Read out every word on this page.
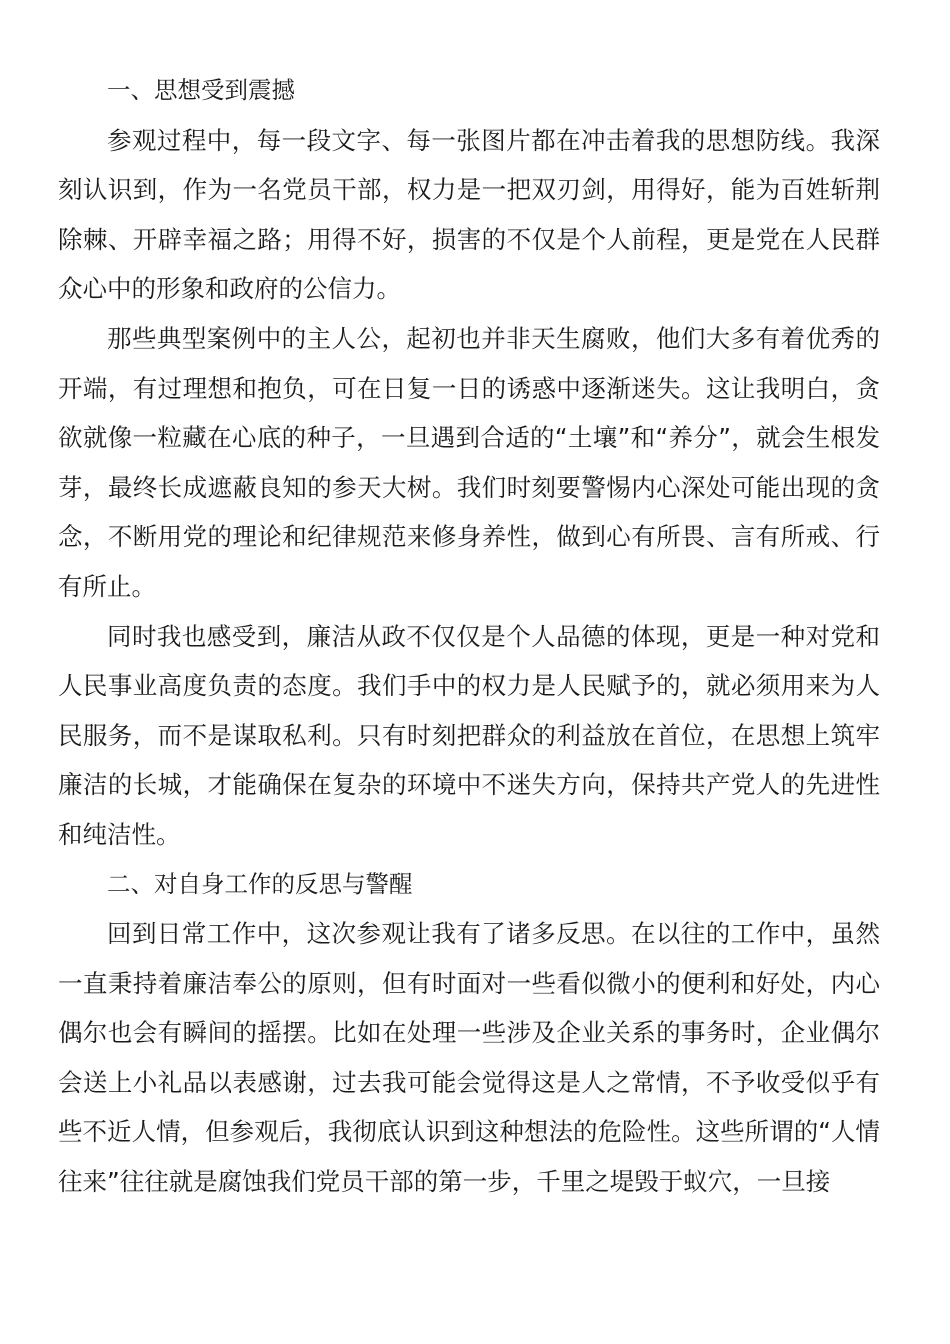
一、思想受到震撼

参观过程中，每一段文字、每一张图片都在冲击着我的思想防线。我深刻认识到，作为一名党员干部，权力是一把双刃剑，用得好，能为百姓斩荆除棘、开辟幸福之路；用得不好，损害的不仅是个人前程，更是党在人民群众心中的形象和政府的公信力。

那些典型案例中的主人公，起初也并非天生腐败，他们大多有着优秀的开端，有过理想和抱负，可在日复一日的诱惑中逐渐迷失。这让我明白，贪欲就像一粒藏在心底的种子，一旦遇到合适的“土壤”和“养分”，就会生根发芽，最终长成遮蔽良知的参天大树。我们时刻要警惕内心深处可能出现的贪念，不断用党的理论和纪律规范来修身养性，做到心有所畏、言有所戒、行有所止。

同时我也感受到，廉洁从政不仅仅是个人品德的体现，更是一种对党和人民事业高度负责的态度。我们手中的权力是人民赋予的，就必须用来为人民服务，而不是谋取私利。只有时刻把群众的利益放在首位，在思想上筑牢廉洁的长城，才能确保在复杂的环境中不迷失方向，保持共产党人的先进性和纯洁性。

二、对自身工作的反思与警醒

回到日常工作中，这次参观让我有了诸多反思。在以往的工作中，虽然一直秉持着廉洁奉公的原则，但有时面对一些看似微小的便利和好处，内心偶尔也会有瞬间的摇摆。比如在处理一些涉及企业关系的事务时，企业偶尔会送上小礼品以表感谢，过去我可能会觉得这是人之常情，不予收受似乎有些不近人情，但参观后，我彻底认识到这种想法的危险性。这些所谓的“人情往来”往往就是腐蚀我们党员干部的第一步，千里之堤毁于蚁穴，一旦接
